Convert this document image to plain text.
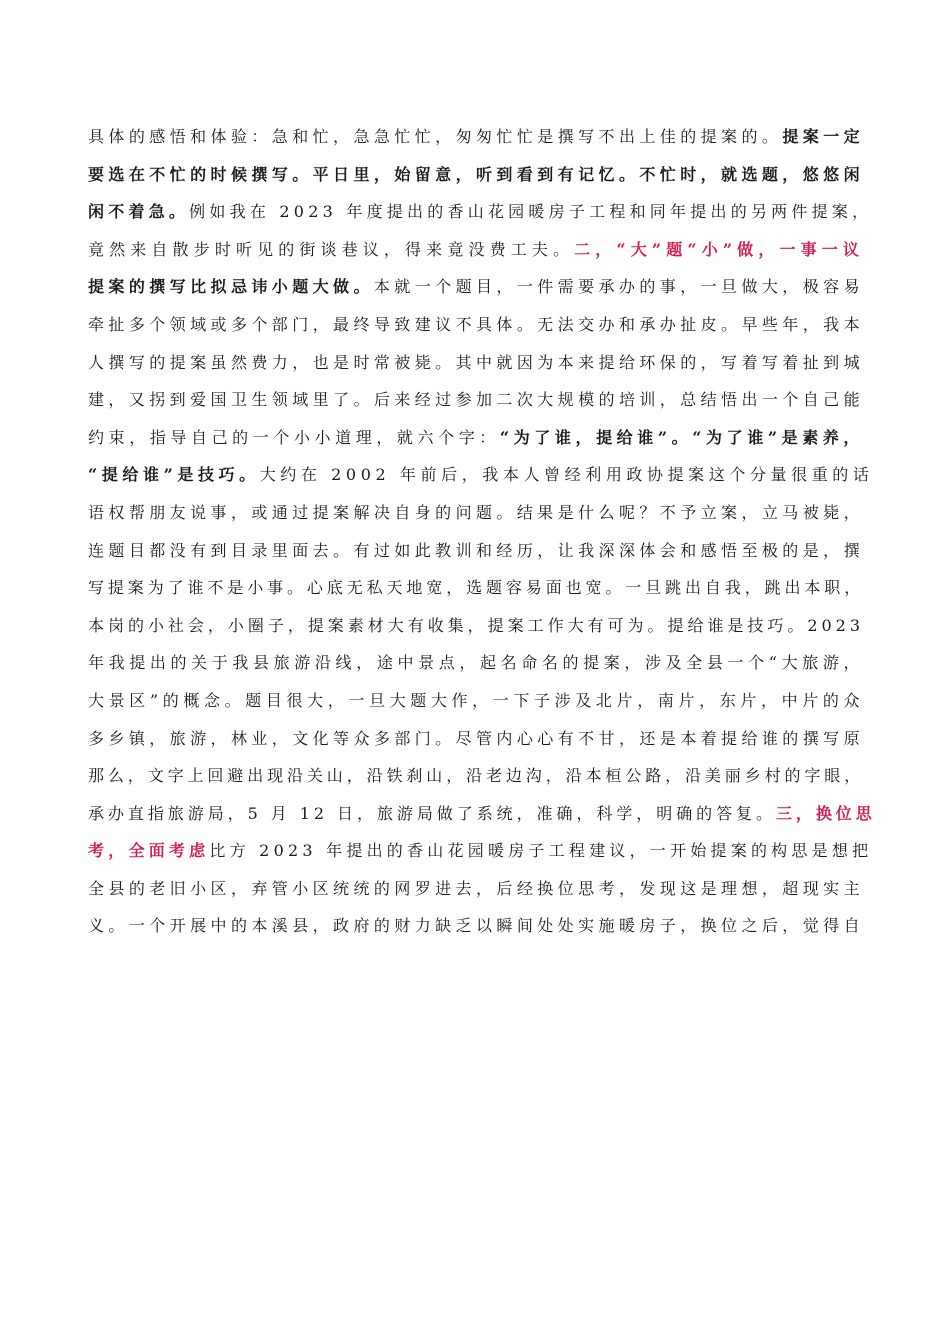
具体的感悟和体验：急和忙，急急忙忙，匆匆忙忙是撰写不出上佳的提案的。提案一定
要选在不忙的时候撰写。平日里，始留意，听到看到有记忆。不忙时，就选题，悠悠闲
闲不着急。例如我在 2023 年度提出的香山花园暖房子工程和同年提出的另两件提案，
竟然来自散步时听见的街谈巷议，得来竟没费工夫。二，“大”题“小”做，一事一议
提案的撰写比拟忌讳小题大做。本就一个题目，一件需要承办的事，一旦做大，极容易
牵扯多个领域或多个部门，最终导致建议不具体。无法交办和承办扯皮。早些年，我本
人撰写的提案虽然费力，也是时常被毙。其中就因为本来提给环保的，写着写着扯到城
建，又拐到爱国卫生领域里了。后来经过参加二次大规模的培训，总结悟出一个自己能
约束，指导自己的一个小小道理，就六个字：“为了谁，提给谁”。“为了谁”是素养，
“提给谁”是技巧。大约在 2002 年前后，我本人曾经利用政协提案这个分量很重的话
语权帮朋友说事，或通过提案解决自身的问题。结果是什么呢？不予立案，立马被毙，
连题目都没有到目录里面去。有过如此教训和经历，让我深深体会和感悟至极的是，撰
写提案为了谁不是小事。心底无私天地宽，选题容易面也宽。一旦跳出自我，跳出本职，
本岗的小社会，小圈子，提案素材大有收集，提案工作大有可为。提给谁是技巧。2023
年我提出的关于我县旅游沿线，途中景点，起名命名的提案，涉及全县一个“大旅游，
大景区”的概念。题目很大，一旦大题大作，一下子涉及北片，南片，东片，中片的众
多乡镇，旅游，林业，文化等众多部门。尽管内心心有不甘，还是本着提给谁的撰写原
那么，文字上回避出现沿关山，沿铁刹山，沿老边沟，沿本桓公路，沿美丽乡村的字眼，
承办直指旅游局，5 月 12 日，旅游局做了系统，准确，科学，明确的答复。三，换位思
考，全面考虑比方 2023 年提出的香山花园暖房子工程建议，一开始提案的构思是想把
全县的老旧小区，弃管小区统统的网罗进去，后经换位思考，发现这是理想，超现实主
义。一个开展中的本溪县，政府的财力缺乏以瞬间处处实施暖房子，换位之后，觉得自
